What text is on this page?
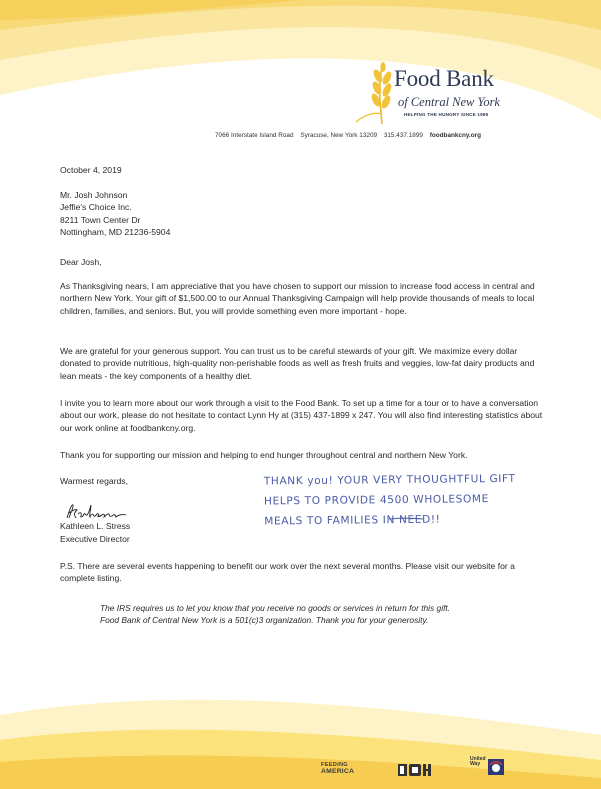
Food Bank
of Central New York
HELPING THE HUNGRY SINCE 1985
7066 Interstate Island Road Syracuse, New York 13209 315.437.1899 foodbankcny.org
October 4, 2019
Mr. Josh Johnson
Jeffie's Choice Inc.
8211 Town Center Dr
Nottingham, MD 21236-5904
Dear Josh,
As Thanksgiving nears, I am appreciative that you have chosen to support our mission to increase food access in central and northern New York. Your gift of $1,500.00 to our Annual Thanksgiving Campaign will help provide thousands of meals to local children, families, and seniors. But, you will provide something even more important - hope.
We are grateful for your generous support. You can trust us to be careful stewards of your gift. We maximize every dollar donated to provide nutritious, high-quality non-perishable foods as well as fresh fruits and veggies, low-fat dairy products and lean meats - the key components of a healthy diet.
I invite you to learn more about our work through a visit to the Food Bank. To set up a time for a tour or to have a conversation about our work, please do not hesitate to contact Lynn Hy at (315) 437-1899 x 247. You will also find interesting statistics about our work online at foodbankcny.org.
Thank you for supporting our mission and helping to end hunger throughout central and northern New York.
Warmest regards,
Kathleen L. Stress
Executive Director
P.S. There are several events happening to benefit our work over the next several months. Please visit our website for a complete listing.
The IRS requires us to let you know that you receive no goods or services in return for this gift.
Food Bank of Central New York is a 501(c)3 organization. Thank you for your generosity.
THANK you! YOUR VERY THOUGHTFUL GIFT
HELPS TO PROVIDE 4500 WHOLESOME
MEALS TO FAMILIES IN NEED!!
FEEDING
AMERICA
United Way
